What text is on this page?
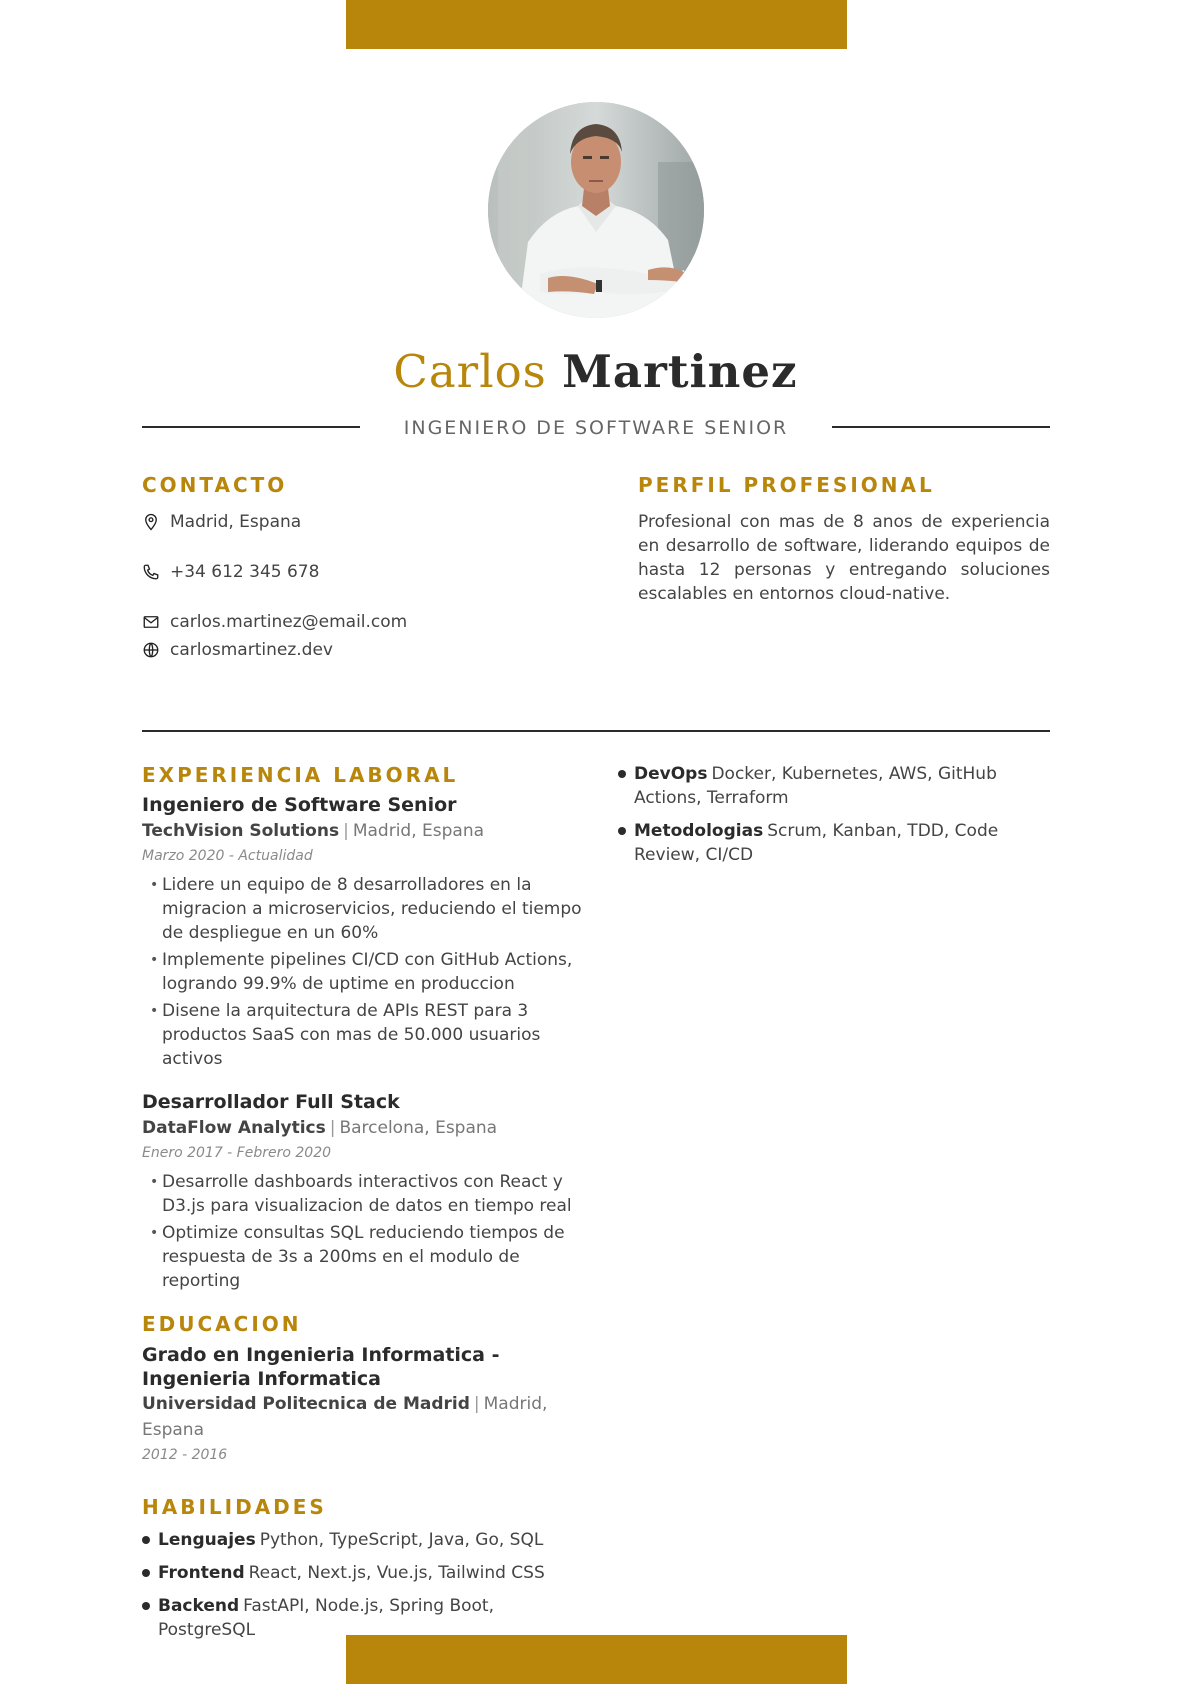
Carlos Martinez
INGENIERO DE SOFTWARE SENIOR
CONTACTO
Madrid, Espana
+34 612 345 678
carlos.martinez@email.com
carlosmartinez.dev
PERFIL PROFESIONAL

Profesional con mas de 8 anos de experiencia en desarrollo de software, liderando equipos de hasta 12 personas y entregando soluciones escalables en entornos cloud-native.

EXPERIENCIA LABORAL
Ingeniero de Software Senior
TechVision Solutions | Madrid, Espana
Marzo 2020 - Actualidad
• Lidere un equipo de 8 desarrolladores en la migracion a microservicios, reduciendo el tiempo de despliegue en un 60%
• Implemente pipelines CI/CD con GitHub Actions, logrando 99.9% de uptime en produccion
• Disene la arquitectura de APIs REST para 3 productos SaaS con mas de 50.000 usuarios activos
Desarrollador Full Stack
DataFlow Analytics | Barcelona, Espana
Enero 2017 - Febrero 2020
• Desarrolle dashboards interactivos con React y D3.js para visualizacion de datos en tiempo real
• Optimize consultas SQL reduciendo tiempos de respuesta de 3s a 200ms en el modulo de reporting
EDUCACION
Grado en Ingenieria Informatica - Ingenieria Informatica
Universidad Politecnica de Madrid | Madrid, Espana
2012 - 2016
HABILIDADES
Lenguajes Python, TypeScript, Java, Go, SQL
Frontend React, Next.js, Vue.js, Tailwind CSS
Backend FastAPI, Node.js, Spring Boot, PostgreSQL
DevOps Docker, Kubernetes, AWS, GitHub Actions, Terraform
Metodologias Scrum, Kanban, TDD, Code Review, CI/CD
